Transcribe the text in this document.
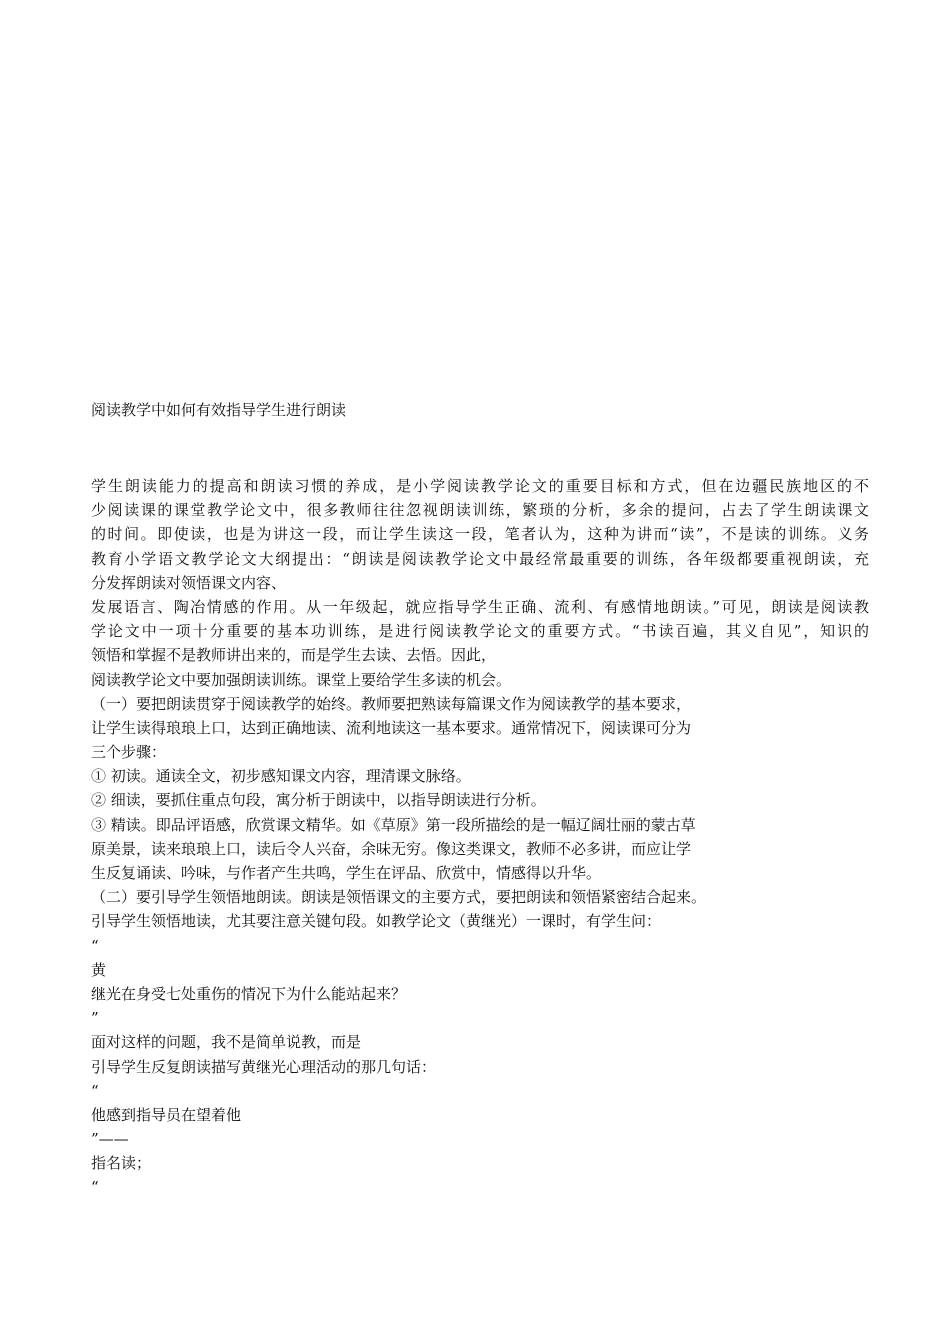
阅读教学中如何有效指导学生进行朗读
学生朗读能力的提高和朗读习惯的养成，是小学阅读教学论文的重要目标和方式，但在边疆民族地区的不
少阅读课的课堂教学论文中，很多教师往往忽视朗读训练，繁琐的分析，多余的提问，占去了学生朗读课文
的时间。即使读，也是为讲这一段，而让学生读这一段，笔者认为，这种为讲而“读”，不是读的训练。义务
教育小学语文教学论文大纲提出：“朗读是阅读教学论文中最经常最重要的训练，各年级都要重视朗读，充
分发挥朗读对领悟课文内容、
发展语言、陶冶情感的作用。从一年级起，就应指导学生正确、流利、有感情地朗读。”可见，朗读是阅读教
学论文中一项十分重要的基本功训练，是进行阅读教学论文的重要方式。“书读百遍，其义自见”，知识的
领悟和掌握不是教师讲出来的，而是学生去读、去悟。因此，
阅读教学论文中要加强朗读训练。课堂上要给学生多读的机会。
（一）要把朗读贯穿于阅读教学的始终。教师要把熟读每篇课文作为阅读教学的基本要求，
让学生读得琅琅上口，达到正确地读、流利地读这一基本要求。通常情况下，阅读课可分为
三个步骤：
① 初读。通读全文，初步感知课文内容，理清课文脉络。
② 细读，要抓住重点句段，寓分析于朗读中，以指导朗读进行分析。
③ 精读。即品评语感，欣赏课文精华。如《草原》第一段所描绘的是一幅辽阔壮丽的蒙古草
原美景，读来琅琅上口，读后令人兴奋，余味无穷。像这类课文，教师不必多讲，而应让学
生反复诵读、吟味，与作者产生共鸣，学生在评品、欣赏中，情感得以升华。
（二）要引导学生领悟地朗读。朗读是领悟课文的主要方式，要把朗读和领悟紧密结合起来。
引导学生领悟地读，尤其要注意关键句段。如教学论文（黄继光）一课时，有学生问：
“
黄
继光在身受七处重伤的情况下为什么能站起来？
”
面对这样的问题，我不是简单说教，而是
引导学生反复朗读描写黄继光心理活动的那几句话：
“
他感到指导员在望着他
”——
指名读；
“
